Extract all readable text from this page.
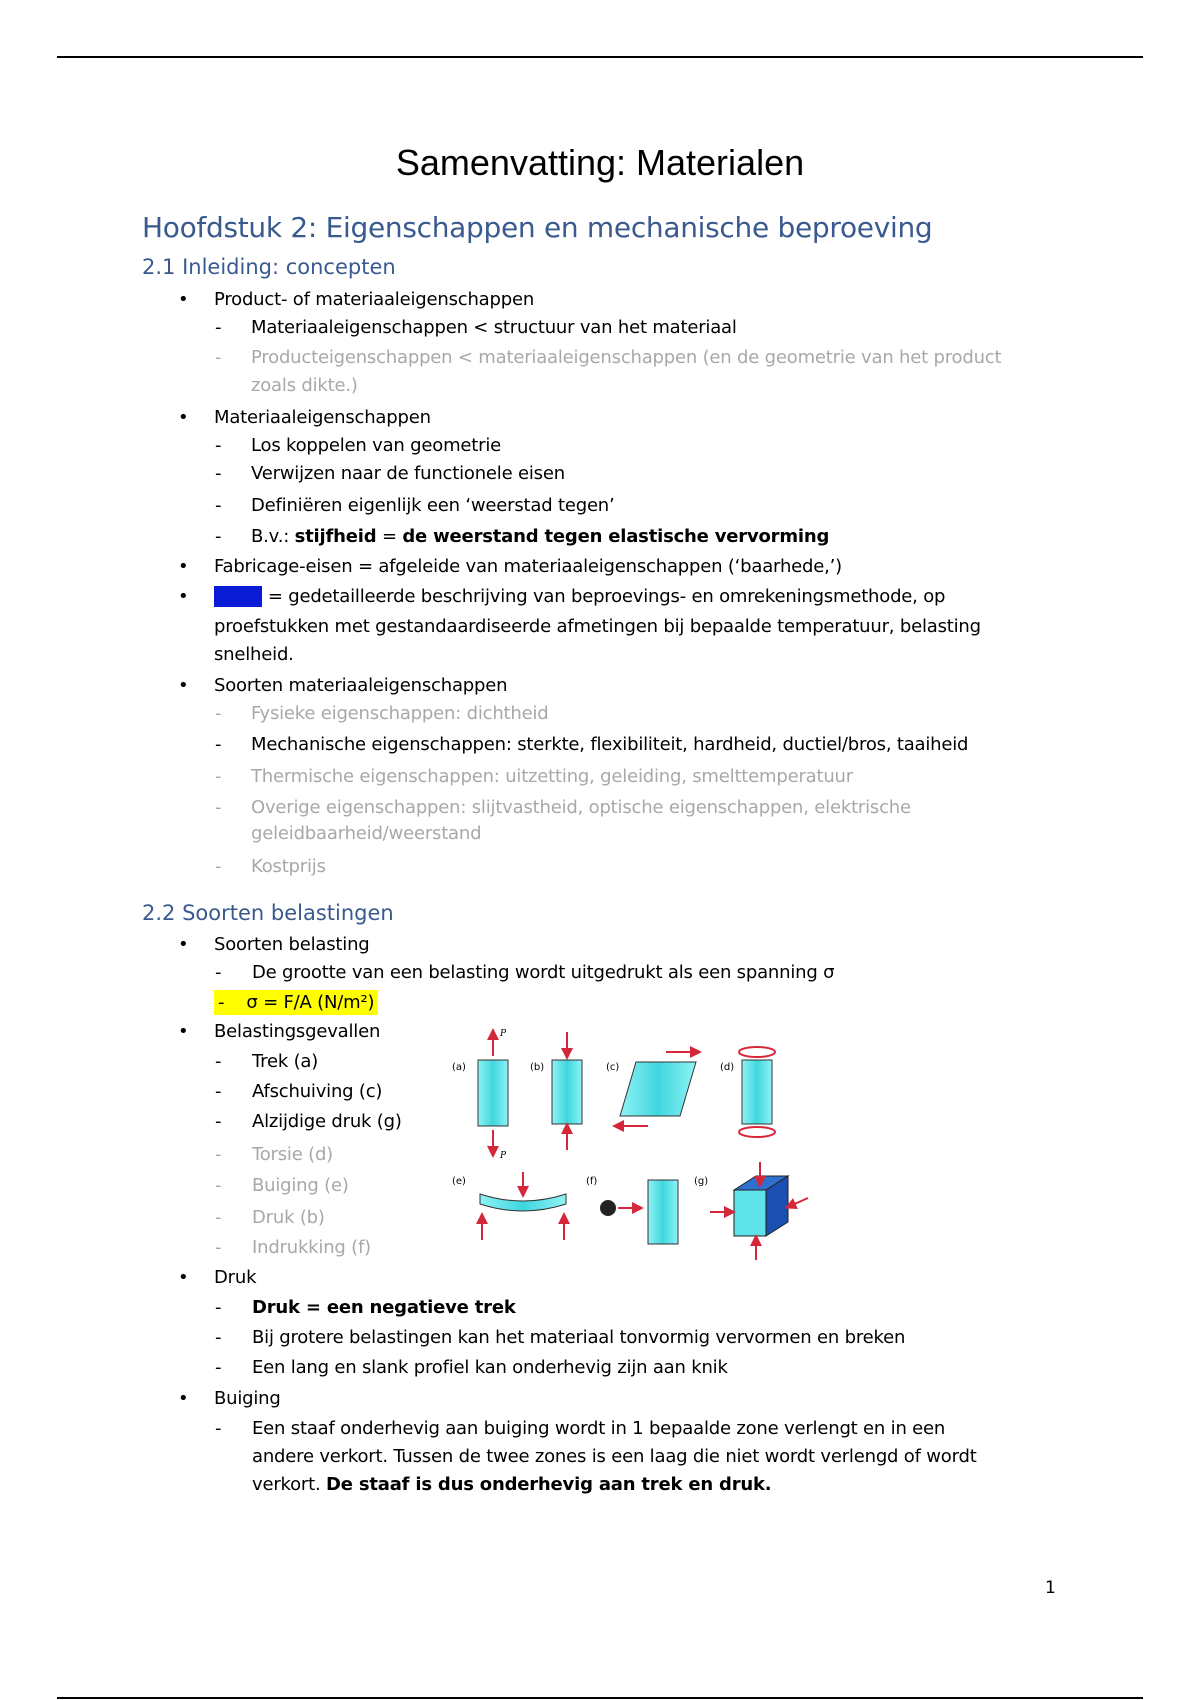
Samenvatting: Materialen
Hoofdstuk 2: Eigenschappen en mechanische beproeving
2.1 Inleiding: concepten
• Product- of materiaaleigenschappen
- Materiaaleigenschappen < structuur van het materiaal
- Producteigenschappen < materiaaleigenschappen (en de geometrie van het product
zoals dikte.)
• Materiaaleigenschappen
- Los koppelen van geometrie
- Verwijzen naar de functionele eisen
- Definiëren eigenlijk een ‘weerstad tegen’
- B.v.: stijfheid = de weerstand tegen elastische vervorming
• Fabricage-eisen = afgeleide van materiaaleigenschappen (‘baarhede,’)
• Norm = gedetailleerde beschrijving van beproevings- en omrekeningsmethode, op
proefstukken met gestandaardiseerde afmetingen bij bepaalde temperatuur, belasting
snelheid.
• Soorten materiaaleigenschappen
- Fysieke eigenschappen: dichtheid
- Mechanische eigenschappen: sterkte, flexibiliteit, hardheid, ductiel/bros, taaiheid
- Thermische eigenschappen: uitzetting, geleiding, smelttemperatuur
- Overige eigenschappen: slijtvastheid, optische eigenschappen, elektrische
geleidbaarheid/weerstand
- Kostprijs
2.2 Soorten belastingen
• Soorten belasting
- De grootte van een belasting wordt uitgedrukt als een spanning σ
-    σ = F/A (N/m²)
• Belastingsgevallen
- Trek (a)
- Afschuiving (c)
- Alzijdige druk (g)
- Torsie (d)
- Buiging (e)
- Druk (b)
- Indrukking (f)
(a)
P
P
(b)	(c)	(d)
(e)	(f)	(g)
• Druk
- Druk = een negatieve trek
- Bij grotere belastingen kan het materiaal tonvormig vervormen en breken
- Een lang en slank profiel kan onderhevig zijn aan knik
• Buiging
- Een staaf onderhevig aan buiging wordt in 1 bepaalde zone verlengt en in een
andere verkort. Tussen de twee zones is een laag die niet wordt verlengd of wordt
verkort. De staaf is dus onderhevig aan trek en druk.
1
